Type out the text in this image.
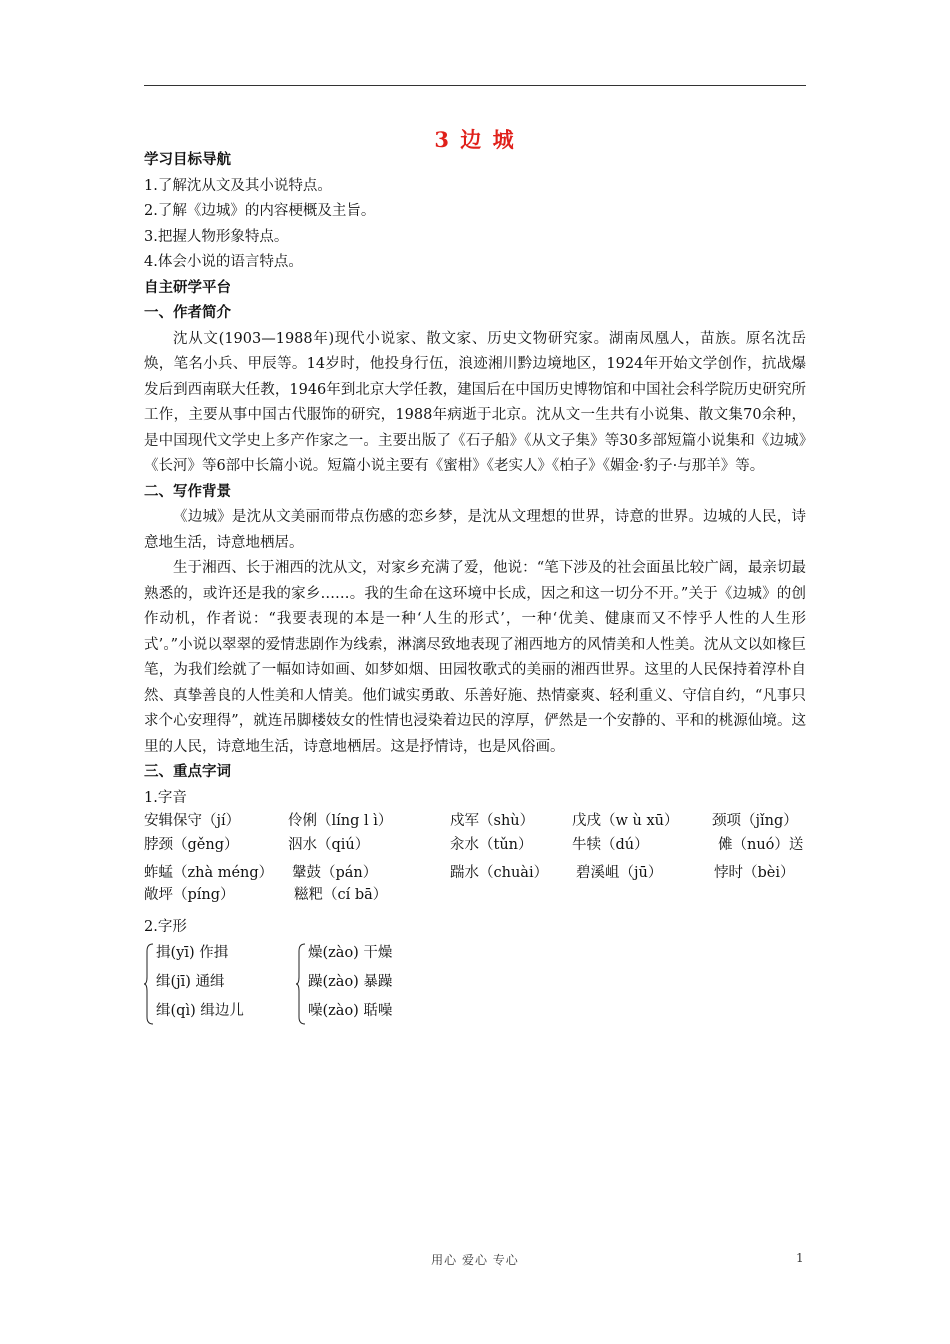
3 边 城
学习目标导航
1.了解沈从文及其小说特点。
2.了解《边城》的内容梗概及主旨。
3.把握人物形象特点。
4.体会小说的语言特点。
自主研学平台
一、作者简介

沈从文(1903—1988年)现代小说家、散文家、历史文物研究家。湖南凤凰人，苗族。原名沈岳焕，笔名小兵、甲辰等。14岁时，他投身行伍，浪迹湘川黔边境地区，1924年开始文学创作，抗战爆发后到西南联大任教，1946年到北京大学任教，建国后在中国历史博物馆和中国社会科学院历史研究所工作，主要从事中国古代服饰的研究，1988年病逝于北京。沈从文一生共有小说集、散文集70余种，是中国现代文学史上多产作家之一。主要出版了《石子船》《从文子集》等30多部短篇小说集和《边城》《长河》等6部中长篇小说。短篇小说主要有《蜜柑》《老实人》《柏子》《媚金·豹子·与那羊》等。

二、写作背景

《边城》是沈从文美丽而带点伤感的恋乡梦，是沈从文理想的世界，诗意的世界。边城的人民，诗意地生活，诗意地栖居。

生于湘西、长于湘西的沈从文，对家乡充满了爱，他说：“笔下涉及的社会面虽比较广阔，最亲切最熟悉的，或许还是我的家乡……。我的生命在这环境中长成，因之和这一切分不开。”关于《边城》的创作动机，作者说：“我要表现的本是一种‘人生的形式’，一种‘优美、健康而又不悖乎人性的人生形式’。”小说以翠翠的爱情悲剧作为线索，淋漓尽致地表现了湘西地方的风情美和人性美。沈从文以如椽巨笔，为我们绘就了一幅如诗如画、如梦如烟、田园牧歌式的美丽的湘西世界。这里的人民保持着淳朴自然、真挚善良的人性美和人情美。他们诚实勇敢、乐善好施、热情豪爽、轻利重义、守信自约，“凡事只求个心安理得”，就连吊脚楼妓女的性情也浸染着边民的淳厚，俨然是一个安静的、平和的桃源仙境。这里的人民，诗意地生活，诗意地栖居。这是抒情诗，也是风俗画。

三、重点字词
1.字音
安辑保守（jí）	伶俐（líng l ì）	戍军（shù）	戊戌（w ù xū） 颈项（jǐng）
脖颈（gěng）	泅水（qiú）	汆水（tǔn）	牛犊（dú）	傩（nuó）送
蚱蜢（zhà méng） 鞶鼓（pán）	踹水（chuài） 碧溪岨（jū）	悖时（bèi）
敞坪（píng）	糍粑（cí bā）
2.字形
揖(yī) 作揖
缉(jī) 通缉
缉(qì) 缉边儿
燥(zào) 干燥
躁(zào) 暴躁
噪(zào) 聒噪
用心 爱心 专心	1
